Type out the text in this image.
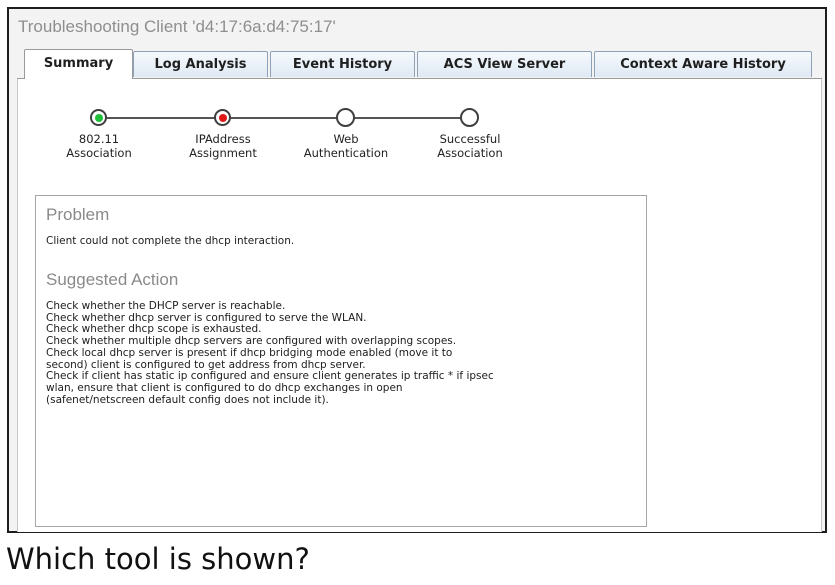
Troubleshooting Client 'd4:17:6a:d4:75:17'
Summary	Log Analysis	Event History	ACS View Server	Context Aware History
802.11
Association
IPAddress
Assignment
Web
Authentication
Successful
Association
Problem
Client could not complete the dhcp interaction.
Suggested Action
Check whether the DHCP server is reachable.
Check whether dhcp server is configured to serve the WLAN.
Check whether dhcp scope is exhausted.
Check whether multiple dhcp servers are configured with overlapping scopes.
Check local dhcp server is present if dhcp bridging mode enabled (move it to
second) client is configured to get address from dhcp server.
Check if client has static ip configured and ensure client generates ip traffic * if ipsec
wlan, ensure that client is configured to do dhcp exchanges in open
(safenet/netscreen default config does not include it).
Which tool is shown?
